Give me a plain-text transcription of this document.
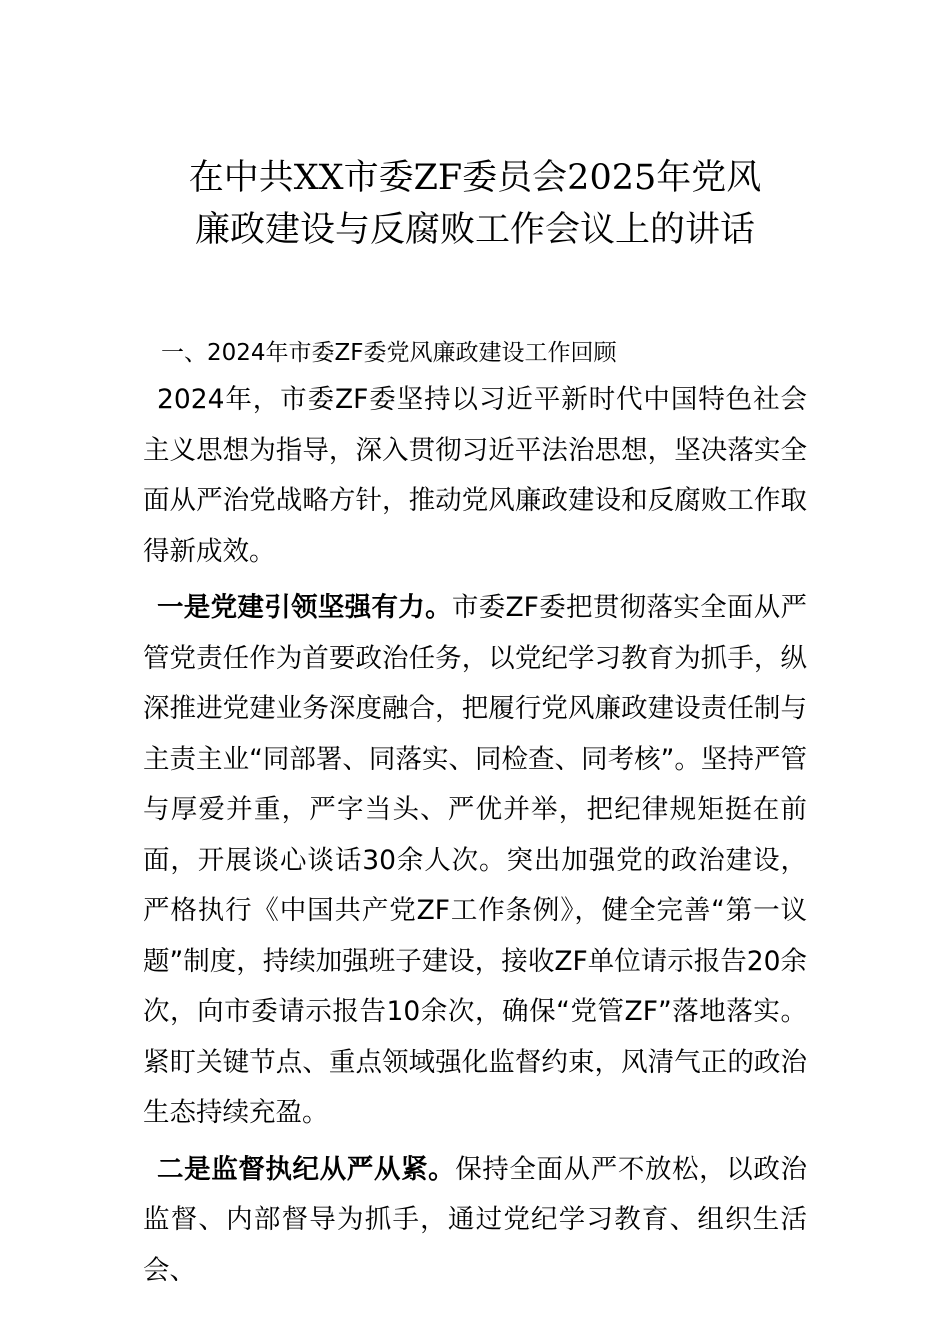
在中共XX市委ZF委员会2025年党风
廉政建设与反腐败工作会议上的讲话

一、2024年市委ZF委党风廉政建设工作回顾

2024年，市委ZF委坚持以习近平新时代中国特色社会主义思想为指导，深入贯彻习近平法治思想，坚决落实全面从严治党战略方针，推动党风廉政建设和反腐败工作取得新成效。

一是党建引领坚强有力。市委ZF委把贯彻落实全面从严管党责任作为首要政治任务，以党纪学习教育为抓手，纵深推进党建业务深度融合，把履行党风廉政建设责任制与主责主业“同部署、同落实、同检查、同考核”。坚持严管与厚爱并重，严字当头、严优并举，把纪律规矩挺在前面，开展谈心谈话30余人次。突出加强党的政治建设，严格执行《中国共产党ZF工作条例》，健全完善“第一议题”制度，持续加强班子建设，接收ZF单位请示报告20余次，向市委请示报告10余次，确保“党管ZF”落地落实。紧盯关键节点、重点领域强化监督约束，风清气正的政治生态持续充盈。

二是监督执纪从严从紧。保持全面从严不放松，以政治监督、内部督导为抓手，通过党纪学习教育、组织生活会、
